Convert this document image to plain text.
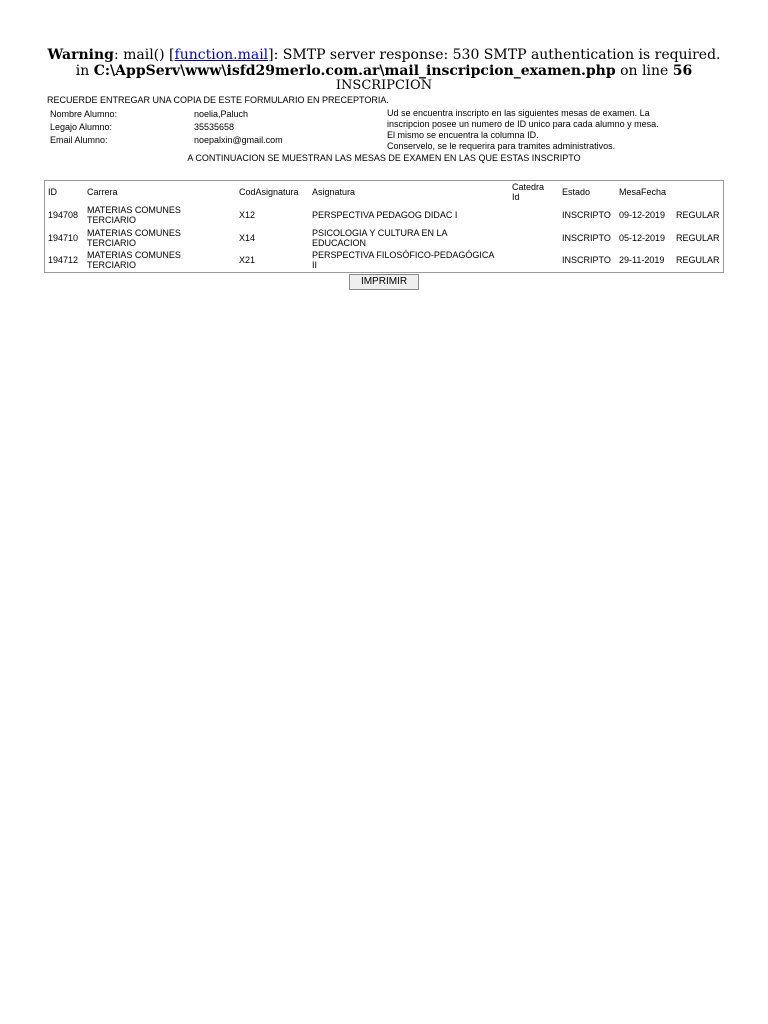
Warning: mail() [function.mail]: SMTP server response: 530 SMTP authentication is required.
in C:\AppServ\www\isfd29merlo.com.ar\mail_inscripcion_examen.php on line 56
INSCRIPCION
RECUERDE ENTREGAR UNA COPIA DE ESTE FORMULARIO EN PRECEPTORIA.
Nombre Alumno:	noelia,Paluch
Legajo Alumno:	35535658
Email Alumno:	noepalxin@gmail.com
Ud se encuentra inscripto en las siguientes mesas de examen. La
inscripcion posee un numero de ID unico para cada alumno y mesa.
El mismo se encuentra la columna ID.
Conservelo, se le requerira para tramites administrativos.
A CONTINUACION SE MUESTRAN LAS MESAS DE EXAMEN EN LAS QUE ESTAS INSCRIPTO
ID	Carrera	CodAsignatura Asignatura	Catedra
Id	Estado	MesaFecha
194708 MATERIAS COMUNES
TERCIARIO	X12	PERSPECTIVA PEDAGOG DIDAC I	INSCRIPTO 09-12-2019 REGULAR
194710 MATERIAS COMUNES
TERCIARIO	X14	PSICOLOGIA Y CULTURA EN LA
EDUCACION	INSCRIPTO 05-12-2019 REGULAR
194712 MATERIAS COMUNES
TERCIARIO	X21	PERSPECTIVA FILOSÓFICO-PEDAGÓGICA
II	INSCRIPTO 29-11-2019 REGULAR
IMPRIMIR
